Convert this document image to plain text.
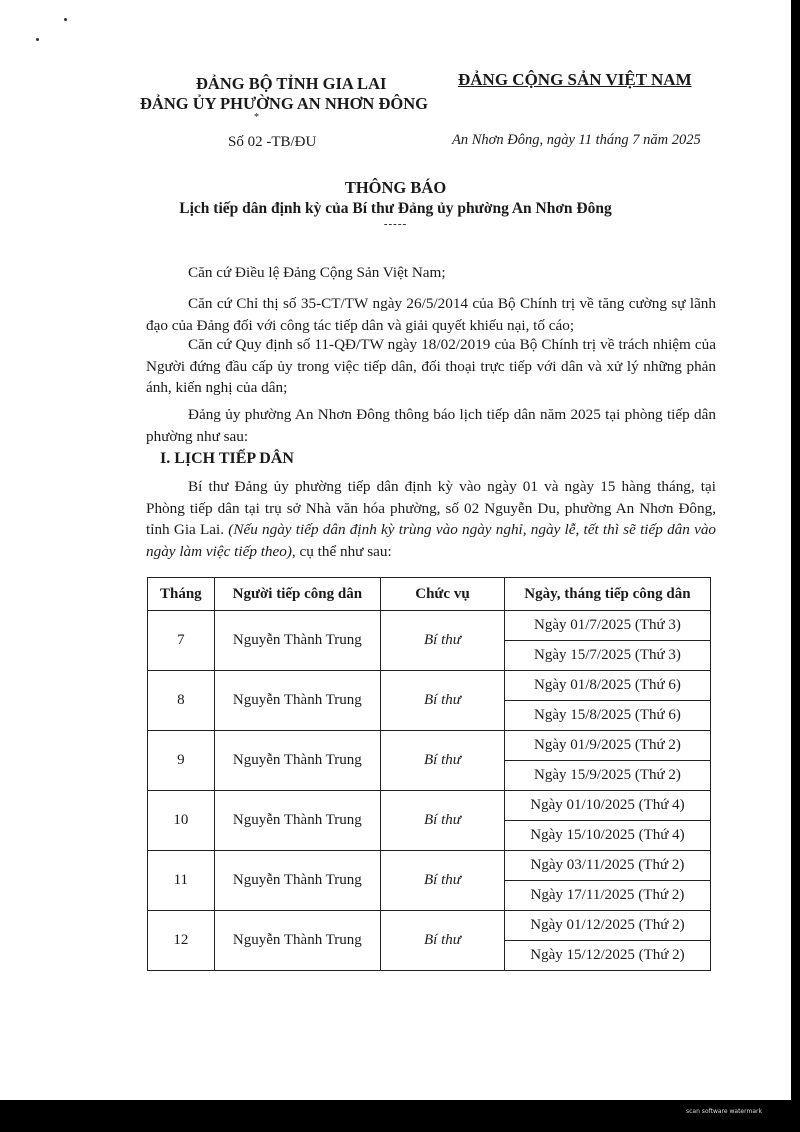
ĐẢNG BỘ TỈNH GIA LAI
ĐẢNG ỦY PHƯỜNG AN NHƠN ĐÔNG
*
ĐẢNG CỘNG SẢN VIỆT NAM
Số 02 -TB/ĐU	An Nhơn Đông, ngày 11 tháng 7 năm 2025
THÔNG BÁO
Lịch tiếp dân định kỳ của Bí thư Đảng ủy phường An Nhơn Đông
-----
Căn cứ Điều lệ Đảng Cộng Sản Việt Nam;
Căn cứ Chỉ thị số 35-CT/TW ngày 26/5/2014 của Bộ Chính trị về tăng cường sự lãnh đạo của Đảng đối với công tác tiếp dân và giải quyết khiếu nại, tố cáo;
Căn cứ Quy định số 11-QĐ/TW ngày 18/02/2019 của Bộ Chính trị về trách nhiệm của Người đứng đầu cấp ủy trong việc tiếp dân, đối thoại trực tiếp với dân và xử lý những phản ánh, kiến nghị của dân;
Đảng ủy phường An Nhơn Đông thông báo lịch tiếp dân năm 2025 tại phòng tiếp dân phường như sau:
I. LỊCH TIẾP DÂN
Bí thư Đảng ủy phường tiếp dân định kỳ vào ngày 01 và ngày 15 hàng tháng, tại Phòng tiếp dân tại trụ sở Nhà văn hóa phường, số 02 Nguyễn Du, phường An Nhơn Đông, tỉnh Gia Lai. (Nếu ngày tiếp dân định kỳ trùng vào ngày nghỉ, ngày lễ, tết thì sẽ tiếp dân vào ngày làm việc tiếp theo), cụ thể như sau:
Tháng	Người tiếp công dân	Chức vụ	Ngày, tháng tiếp công dân
7	Nguyễn Thành Trung	Bí thư	Ngày 01/7/2025 (Thứ 3)
			Ngày 15/7/2025 (Thứ 3)
8	Nguyễn Thành Trung	Bí thư	Ngày 01/8/2025 (Thứ 6)
			Ngày 15/8/2025 (Thứ 6)
9	Nguyễn Thành Trung	Bí thư	Ngày 01/9/2025 (Thứ 2)
			Ngày 15/9/2025 (Thứ 2)
10	Nguyễn Thành Trung	Bí thư	Ngày 01/10/2025 (Thứ 4)
			Ngày 15/10/2025 (Thứ 4)
11	Nguyễn Thành Trung	Bí thư	Ngày 03/11/2025 (Thứ 2)
			Ngày 17/11/2025 (Thứ 2)
12	Nguyễn Thành Trung	Bí thư	Ngày 01/12/2025 (Thứ 2)
			Ngày 15/12/2025 (Thứ 2)
scan software watermark
